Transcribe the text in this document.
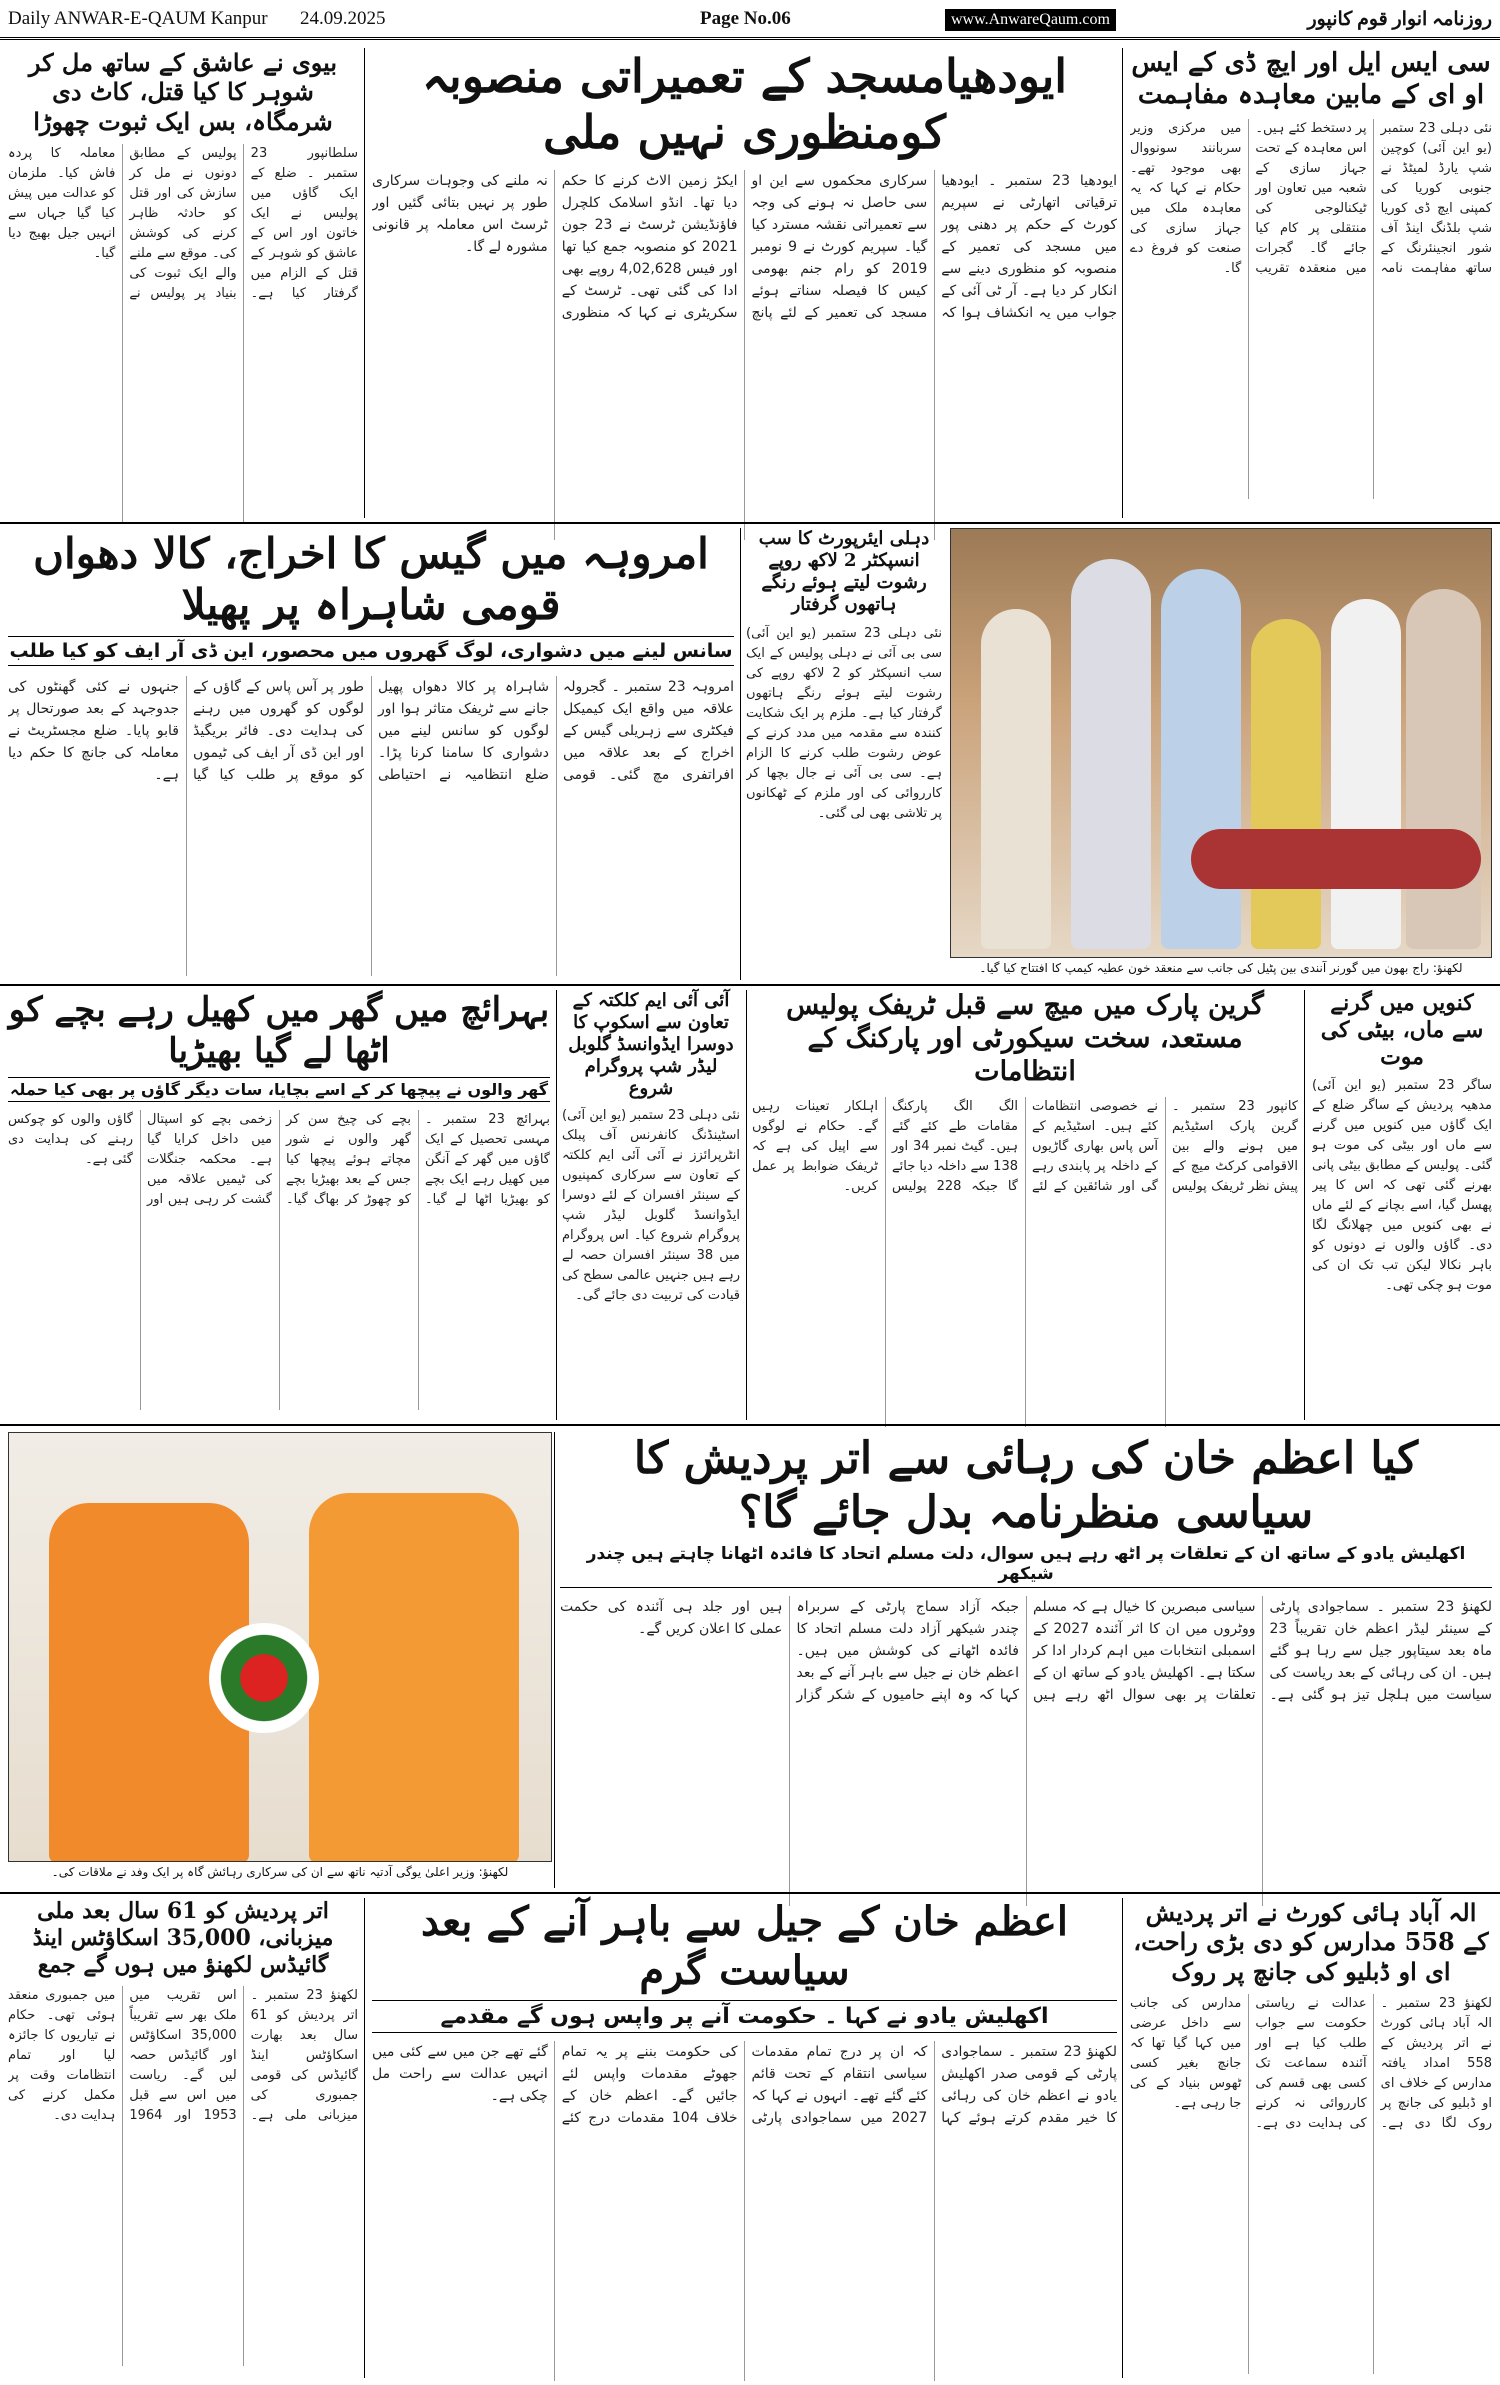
Daily ANWAR-E-QAUM Kanpur 24.09.2025	Page No.06	www.AnwareQaum.com	روزنامہ انوار قوم کانپور
سی ایس ایل اور ایچ ڈی کے ایس او ای کے مابین معاہدہ مفاہمت
نئی دہلی 23 ستمبر (یو این آئی) کوچین شپ یارڈ لمیٹڈ نے جنوبی کوریا کی کمپنی ایچ ڈی کوریا شپ بلڈنگ اینڈ آف شور انجینئرنگ کے ساتھ مفاہمت نامہ پر دستخط کئے ہیں۔ اس معاہدہ کے تحت جہاز سازی کے شعبہ میں تعاون اور ٹیکنالوجی کی منتقلی پر کام کیا جائے گا۔ گجرات میں منعقدہ تقریب میں مرکزی وزیر سربانند سونووال بھی موجود تھے۔ حکام نے کہا کہ یہ معاہدہ ملک میں جہاز سازی کی صنعت کو فروغ دے گا۔
ایودھیامسجد کے تعمیراتی منصوبہ کومنظوری نہیں ملی
ایودھیا 23 ستمبر ۔ ایودھیا ترقیاتی اتھارٹی نے سپریم کورٹ کے حکم پر دھنی پور میں مسجد کی تعمیر کے منصوبہ کو منظوری دینے سے انکار کر دیا ہے۔ آر ٹی آئی کے جواب میں یہ انکشاف ہوا کہ سرکاری محکموں سے این او سی حاصل نہ ہونے کی وجہ سے تعمیراتی نقشہ مسترد کیا گیا۔ سپریم کورٹ نے 9 نومبر 2019 کو رام جنم بھومی کیس کا فیصلہ سناتے ہوئے مسجد کی تعمیر کے لئے پانچ ایکڑ زمین الاٹ کرنے کا حکم دیا تھا۔ انڈو اسلامک کلچرل فاؤنڈیشن ٹرسٹ نے 23 جون 2021 کو منصوبہ جمع کیا تھا اور فیس 4,02,628 روپے بھی ادا کی گئی تھی۔ ٹرسٹ کے سکریٹری نے کہا کہ منظوری نہ ملنے کی وجوہات سرکاری طور پر نہیں بتائی گئیں اور ٹرسٹ اس معاملہ پر قانونی مشورہ لے گا۔
بیوی نے عاشق کے ساتھ مل کر شوہر کا کیا قتل، کاٹ دی شرمگاہ، بس ایک ثبوت چھوڑا
سلطانپور 23 ستمبر ۔ ضلع کے ایک گاؤں میں پولیس نے ایک خاتون اور اس کے عاشق کو شوہر کے قتل کے الزام میں گرفتار کیا ہے۔ پولیس کے مطابق دونوں نے مل کر سازش کی اور قتل کو حادثہ ظاہر کرنے کی کوشش کی۔ موقع سے ملنے والے ایک ثبوت کی بنیاد پر پولیس نے معاملہ کا پردہ فاش کیا۔ ملزمان کو عدالت میں پیش کیا گیا جہاں سے انہیں جیل بھیج دیا گیا۔
لکھنؤ: راج بھون میں گورنر آنندی بین پٹیل کی جانب سے منعقد خون عطیہ کیمپ کا افتتاح کیا گیا۔
دہلی ایئرپورٹ کا سب انسپکٹر 2 لاکھ روپے رشوت لیتے ہوئے رنگے ہاتھوں گرفتار
نئی دہلی 23 ستمبر (یو این آئی) سی بی آئی نے دہلی پولیس کے ایک سب انسپکٹر کو 2 لاکھ روپے کی رشوت لیتے ہوئے رنگے ہاتھوں گرفتار کیا ہے۔ ملزم پر ایک شکایت کنندہ سے مقدمہ میں مدد کرنے کے عوض رشوت طلب کرنے کا الزام ہے۔ سی بی آئی نے جال بچھا کر کارروائی کی اور ملزم کے ٹھکانوں پر تلاشی بھی لی گئی۔
امروہہ میں گیس کا اخراج، کالا دھواں قومی شاہراہ پر پھیلا
سانس لینے میں دشواری، لوگ گھروں میں محصور، این ڈی آر ایف کو کیا طلب
امروہہ 23 ستمبر ۔ گجرولہ علاقہ میں واقع ایک کیمیکل فیکٹری سے زہریلی گیس کے اخراج کے بعد علاقہ میں افراتفری مچ گئی۔ قومی شاہراہ پر کالا دھواں پھیل جانے سے ٹریفک متاثر ہوا اور لوگوں کو سانس لینے میں دشواری کا سامنا کرنا پڑا۔ ضلع انتظامیہ نے احتیاطی طور پر آس پاس کے گاؤں کے لوگوں کو گھروں میں رہنے کی ہدایت دی۔ فائر بریگیڈ اور این ڈی آر ایف کی ٹیموں کو موقع پر طلب کیا گیا جنہوں نے کئی گھنٹوں کی جدوجہد کے بعد صورتحال پر قابو پایا۔ ضلع مجسٹریٹ نے معاملہ کی جانچ کا حکم دیا ہے۔
کنویں میں گرنے سے ماں، بیٹی کی موت
ساگر 23 ستمبر (یو این آئی) مدھیہ پردیش کے ساگر ضلع کے ایک گاؤں میں کنویں میں گرنے سے ماں اور بیٹی کی موت ہو گئی۔ پولیس کے مطابق بیٹی پانی بھرنے گئی تھی کہ اس کا پیر پھسل گیا، اسے بچانے کے لئے ماں نے بھی کنویں میں چھلانگ لگا دی۔ گاؤں والوں نے دونوں کو باہر نکالا لیکن تب تک ان کی موت ہو چکی تھی۔
گرین پارک میں میچ سے قبل ٹریفک پولیس مستعد، سخت سیکورٹی اور پارکنگ کے انتظامات
کانپور 23 ستمبر ۔ گرین پارک اسٹیڈیم میں ہونے والے بین الاقوامی کرکٹ میچ کے پیش نظر ٹریفک پولیس نے خصوصی انتظامات کئے ہیں۔ اسٹیڈیم کے آس پاس بھاری گاڑیوں کے داخلہ پر پابندی رہے گی اور شائقین کے لئے الگ الگ پارکنگ مقامات طے کئے گئے ہیں۔ گیٹ نمبر 34 اور 138 سے داخلہ دیا جائے گا جبکہ 228 پولیس اہلکار تعینات رہیں گے۔ حکام نے لوگوں سے اپیل کی ہے کہ ٹریفک ضوابط پر عمل کریں۔
آئی آئی ایم کلکتہ کے تعاون سے اسکوپ کا دوسرا ایڈوانسڈ گلوبل لیڈر شپ پروگرام شروع
نئی دہلی 23 ستمبر (یو این آئی) اسٹینڈنگ کانفرنس آف پبلک انٹرپرائزز نے آئی آئی ایم کلکتہ کے تعاون سے سرکاری کمپنیوں کے سینئر افسران کے لئے دوسرا ایڈوانسڈ گلوبل لیڈر شپ پروگرام شروع کیا۔ اس پروگرام میں 38 سینئر افسران حصہ لے رہے ہیں جنہیں عالمی سطح کی قیادت کی تربیت دی جائے گی۔
بہرائچ میں گھر میں کھیل رہے بچے کو اٹھا لے گیا بھیڑیا
گھر والوں نے پیچھا کر کے اسے بچایا، سات دیگر گاؤں پر بھی کیا حملہ
بہرائچ 23 ستمبر ۔ مہسی تحصیل کے ایک گاؤں میں گھر کے آنگن میں کھیل رہے ایک بچے کو بھیڑیا اٹھا لے گیا۔ بچے کی چیخ سن کر گھر والوں نے شور مچاتے ہوئے پیچھا کیا جس کے بعد بھیڑیا بچے کو چھوڑ کر بھاگ گیا۔ زخمی بچے کو اسپتال میں داخل کرایا گیا ہے۔ محکمہ جنگلات کی ٹیمیں علاقہ میں گشت کر رہی ہیں اور گاؤں والوں کو چوکس رہنے کی ہدایت دی گئی ہے۔
کیا اعظم خان کی رہائی سے اتر پردیش کا سیاسی منظرنامہ بدل جائے گا؟
اکھلیش یادو کے ساتھ ان کے تعلقات پر اٹھ رہے ہیں سوال، دلت مسلم اتحاد کا فائدہ اٹھانا چاہتے ہیں چندر شیکھر
لکھنؤ 23 ستمبر ۔ سماجوادی پارٹی کے سینئر لیڈر اعظم خان تقریباً 23 ماہ بعد سیتاپور جیل سے رہا ہو گئے ہیں۔ ان کی رہائی کے بعد ریاست کی سیاست میں ہلچل تیز ہو گئی ہے۔ سیاسی مبصرین کا خیال ہے کہ مسلم ووٹروں میں ان کا اثر آئندہ 2027 کے اسمبلی انتخابات میں اہم کردار ادا کر سکتا ہے۔ اکھلیش یادو کے ساتھ ان کے تعلقات پر بھی سوال اٹھ رہے ہیں جبکہ آزاد سماج پارٹی کے سربراہ چندر شیکھر آزاد دلت مسلم اتحاد کا فائدہ اٹھانے کی کوشش میں ہیں۔ اعظم خان نے جیل سے باہر آنے کے بعد کہا کہ وہ اپنے حامیوں کے شکر گزار ہیں اور جلد ہی آئندہ کی حکمت عملی کا اعلان کریں گے۔
لکھنؤ: وزیر اعلیٰ یوگی آدتیہ ناتھ سے ان کی سرکاری رہائش گاہ پر ایک وفد نے ملاقات کی۔
الہ آباد ہائی کورٹ نے اتر پردیش کے 558 مدارس کو دی بڑی راحت، ای او ڈبلیو کی جانچ پر روک
لکھنؤ 23 ستمبر ۔ الہ آباد ہائی کورٹ نے اتر پردیش کے 558 امداد یافتہ مدارس کے خلاف ای او ڈبلیو کی جانچ پر روک لگا دی ہے۔ عدالت نے ریاستی حکومت سے جواب طلب کیا ہے اور آئندہ سماعت تک کسی بھی قسم کی کارروائی نہ کرنے کی ہدایت دی ہے۔ مدارس کی جانب سے داخل عرضی میں کہا گیا تھا کہ جانچ بغیر کسی ٹھوس بنیاد کے کی جا رہی ہے۔
اعظم خان کے جیل سے باہر آنے کے بعد سیاست گرم
اکھلیش یادو نے کہا ۔ حکومت آنے پر واپس ہوں گے مقدمے
لکھنؤ 23 ستمبر ۔ سماجوادی پارٹی کے قومی صدر اکھلیش یادو نے اعظم خان کی رہائی کا خیر مقدم کرتے ہوئے کہا کہ ان پر درج تمام مقدمات سیاسی انتقام کے تحت قائم کئے گئے تھے۔ انہوں نے کہا کہ 2027 میں سماجوادی پارٹی کی حکومت بننے پر یہ تمام جھوٹے مقدمات واپس لئے جائیں گے۔ اعظم خان کے خلاف 104 مقدمات درج کئے گئے تھے جن میں سے کئی میں انہیں عدالت سے راحت مل چکی ہے۔
اتر پردیش کو 61 سال بعد ملی میزبانی، 35,000 اسکاؤٹس اینڈ گائیڈس لکھنؤ میں ہوں گے جمع
لکھنؤ 23 ستمبر ۔ اتر پردیش کو 61 سال بعد بھارت اسکاؤٹس اینڈ گائیڈس کی قومی جمبوری کی میزبانی ملی ہے۔ اس تقریب میں ملک بھر سے تقریباً 35,000 اسکاؤٹس اور گائیڈس حصہ لیں گے۔ ریاست میں اس سے قبل 1953 اور 1964 میں جمبوری منعقد ہوئی تھی۔ حکام نے تیاریوں کا جائزہ لیا اور تمام انتظامات وقت پر مکمل کرنے کی ہدایت دی۔
